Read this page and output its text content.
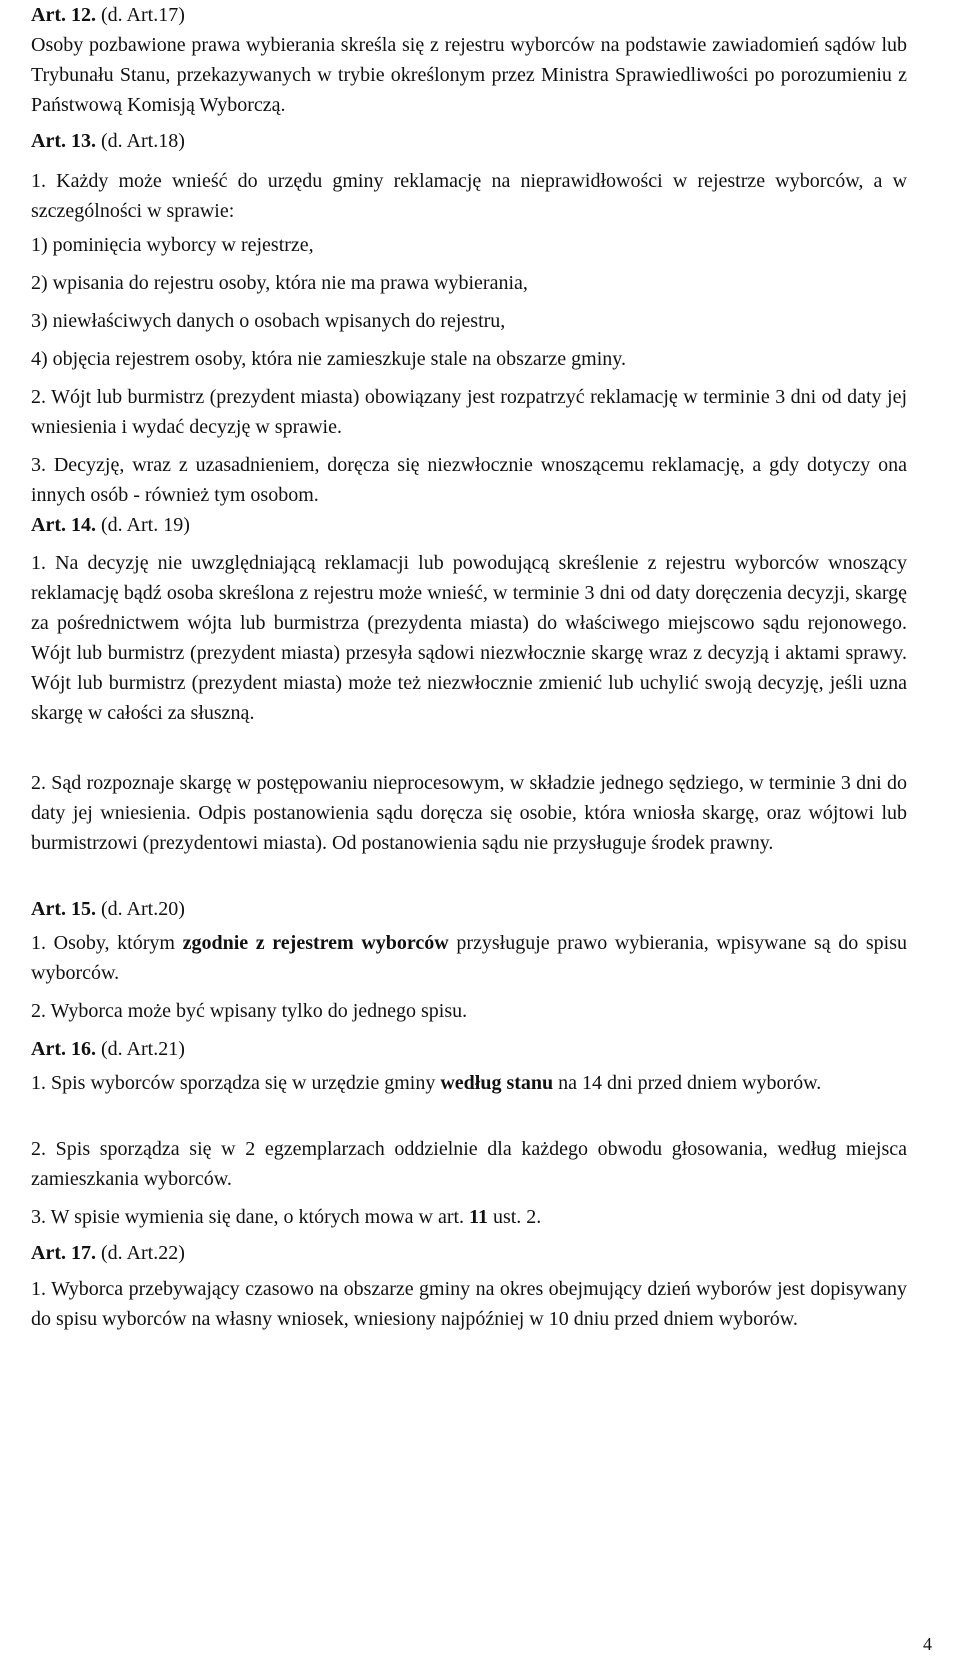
Art. 12. (d. Art.17)

Osoby pozbawione prawa wybierania skreśla się z rejestru wyborców na podstawie zawiadomień sądów lub Trybunału Stanu, przekazywanych w trybie określonym przez Ministra Sprawiedliwości po porozumieniu z Państwową Komisją Wyborczą.

Art. 13. (d. Art.18)

1. Każdy może wnieść do urzędu gminy reklamację na nieprawidłowości w rejestrze wyborców, a w szczególności w sprawie:

1) pominięcia wyborcy w rejestrze,
2) wpisania do rejestru osoby, która nie ma prawa wybierania,
3) niewłaściwych danych o osobach wpisanych do rejestru,
4) objęcia rejestrem osoby, która nie zamieszkuje stale na obszarze gminy.

2. Wójt lub burmistrz (prezydent miasta) obowiązany jest rozpatrzyć reklamację w terminie 3 dni od daty jej wniesienia i wydać decyzję w sprawie.

3. Decyzję, wraz z uzasadnieniem, doręcza się niezwłocznie wnoszącemu reklamację, a gdy dotyczy ona innych osób - również tym osobom.

Art. 14. (d. Art. 19)

1. Na decyzję nie uwzględniającą reklamacji lub powodującą skreślenie z rejestru wyborców wnoszący reklamację bądź osoba skreślona z rejestru może wnieść, w terminie 3 dni od daty doręczenia decyzji, skargę za pośrednictwem wójta lub burmistrza (prezydenta miasta) do właściwego miejscowo sądu rejonowego. Wójt lub burmistrz (prezydent miasta) przesyła sądowi niezwłocznie skargę wraz z decyzją i aktami sprawy. Wójt lub burmistrz (prezydent miasta) może też niezwłocznie zmienić lub uchylić swoją decyzję, jeśli uzna skargę w całości za słuszną.

2. Sąd rozpoznaje skargę w postępowaniu nieprocesowym, w składzie jednego sędziego, w terminie 3 dni do daty jej wniesienia. Odpis postanowienia sądu doręcza się osobie, która wniosła skargę, oraz wójtowi lub burmistrzowi (prezydentowi miasta). Od postanowienia sądu nie przysługuje środek prawny.

Art. 15. (d. Art.20)

1. Osoby, którym zgodnie z rejestrem wyborców przysługuje prawo wybierania, wpisywane są do spisu wyborców.

2. Wyborca może być wpisany tylko do jednego spisu.

Art. 16. (d. Art.21)

1. Spis wyborców sporządza się w urzędzie gminy według stanu na 14 dni przed dniem wyborów.

2. Spis sporządza się w 2 egzemplarzach oddzielnie dla każdego obwodu głosowania, według miejsca zamieszkania wyborców.

3. W spisie wymienia się dane, o których mowa w art. 11 ust. 2.

Art. 17. (d. Art.22)

1. Wyborca przebywający czasowo na obszarze gminy na okres obejmujący dzień wyborów jest dopisywany do spisu wyborców na własny wniosek, wniesiony najpóźniej w 10 dniu przed dniem wyborów.

4
